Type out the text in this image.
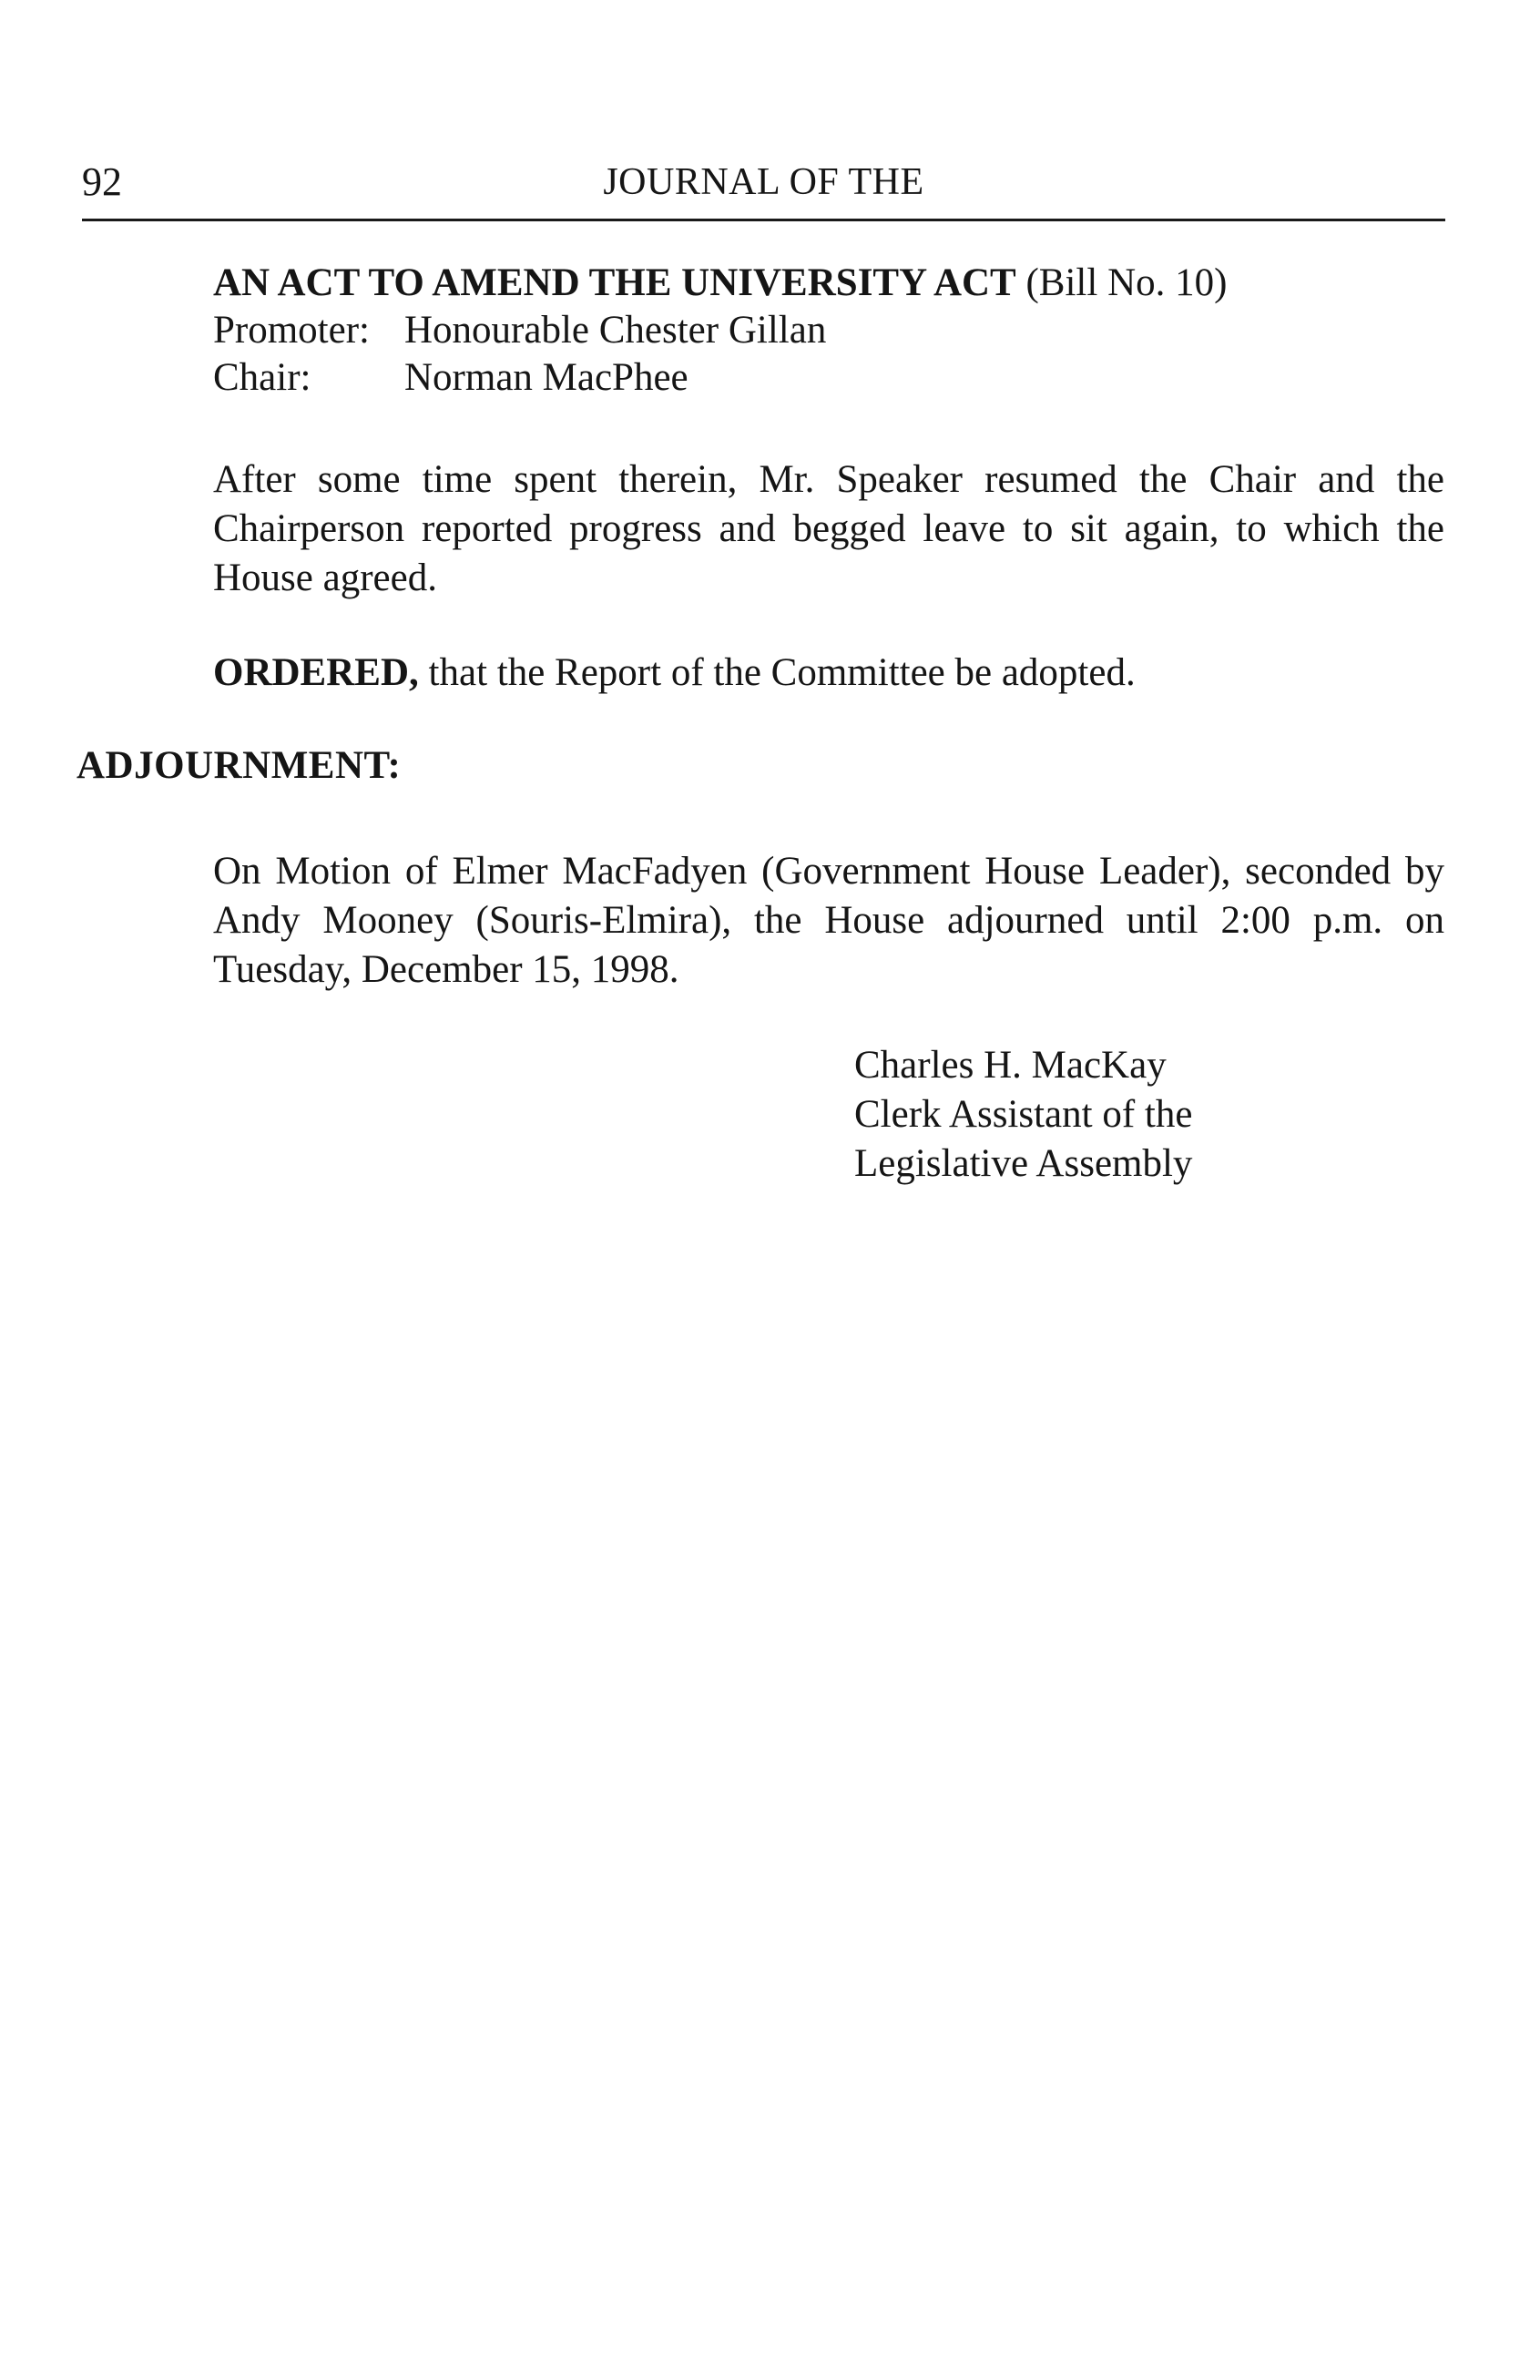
92	JOURNAL OF THE
AN ACT TO AMEND THE UNIVERSITY ACT (Bill No. 10)
Promoter: Honourable Chester Gillan
Chair:	Norman MacPhee

After some time spent therein, Mr. Speaker resumed the Chair and the Chairperson reported progress and begged leave to sit again, to which the House agreed.

ORDERED, that the Report of the Committee be adopted.

ADJOURNMENT:

On Motion of Elmer MacFadyen (Government House Leader), seconded by Andy Mooney (Souris-Elmira), the House adjourned until 2:00 p.m. on Tuesday, December 15, 1998.

Charles H. MacKay
Clerk Assistant of the
Legislative Assembly
